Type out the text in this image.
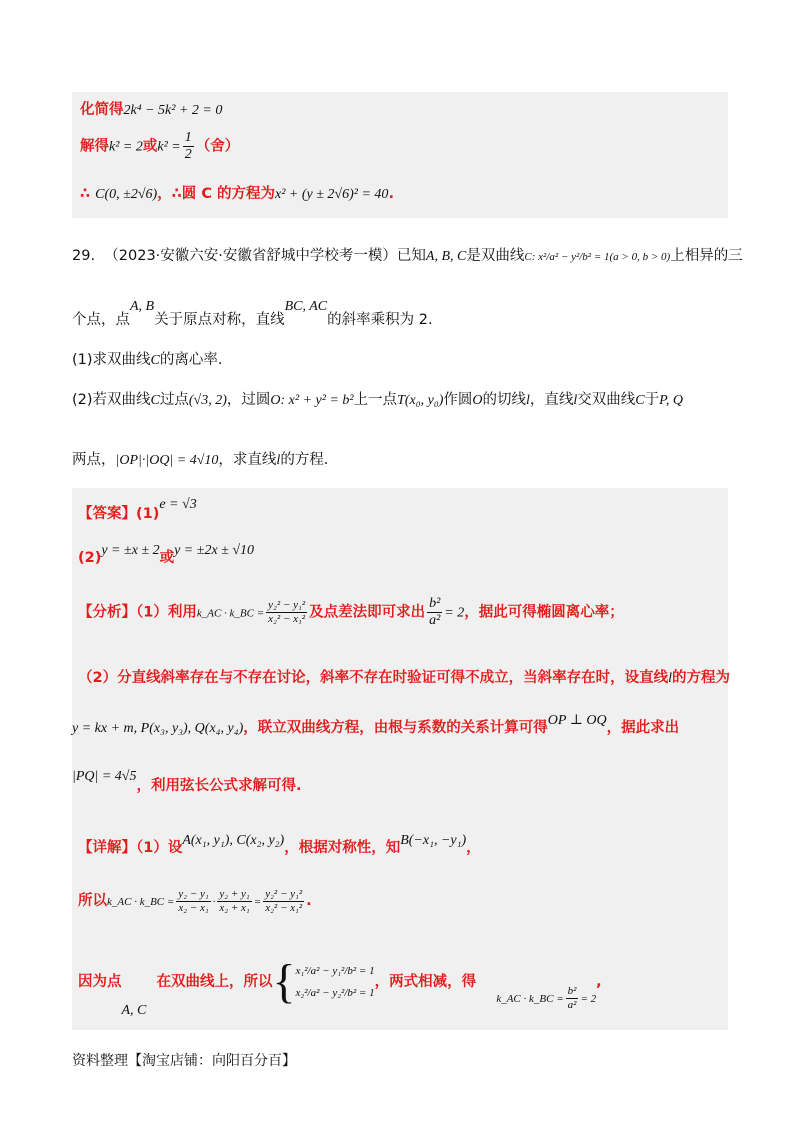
化简得2k⁴ − 5k² + 2 = 0
解得k² = 2或$k^2 = \frac{1}{2}$ （舍）
∴ C(0, ±2√6)，∴圆 C 的方程为x² + (y ± 2√6)² = 40.
29. （2023·安徽六安·安徽省舒城中学校考一模）已知A, B, C是双曲线C: x²/a² − y²/b² = 1(a > 0, b > 0)上相异的三
个点，点A, B关于原点对称，直线BC, AC的斜率乘积为 2.
(1)求双曲线C的离心率.
(2)若双曲线C过点(√3, 2)，过圆O: x² + y² = b²上一点T(x₀, y₀)作圆O的切线l，直线l交双曲线C于P, Q
两点，|OP|·|OQ| = 4√10，求直线l的方程.
【答案】(1)e = √3
(2)y = ±x ± 2或y = ±2x ± √10
【分析】（1）利用k_AC · k_BC = $\frac{\text{y₂² − y₁²}}{\text{x₂² − x₁²}}$ 及点差法即可求出 $\frac{\text{b²}}{\text{a²}} = 2$，据此可得椭圆离心率；
（2）分直线斜率存在与不存在讨论，斜率不存在时验证可得不成立，当斜率存在时，设直线l的方程为
y = kx + m, P(x₃, y₃), Q(x₄, y₄)，联立双曲线方程，由根与系数的关系计算可得OP ⊥ OQ，据此求出
|PQ| = 4√5，利用弦长公式求解可得.
【详解】（1）设A(x₁, y₁), C(x₂, y₂)，根据对称性，知B(−x₁, −y₁)，
所以k_AC · k_BC = $\frac{\text{y₂ − y₁}}{\text{x₂ − x₁}} \cdot \frac{\text{y₂ + y₁}}{\text{x₂ + x₁}} = \frac{\text{y₂² − y₁²}}{\text{x₂² − x₁²}}$ .
因为点A, C  在双曲线上，所以{ x₁²/a² − y₁²/b² = 1
x₂²/a² − y₂²/b² = 1
，两式相减，得    $_{k\_AC \cdot k\_BC =} \frac{\text{b²}}{\text{a²}} _{= 2}$,
资料整理【淘宝店铺：向阳百分百】
